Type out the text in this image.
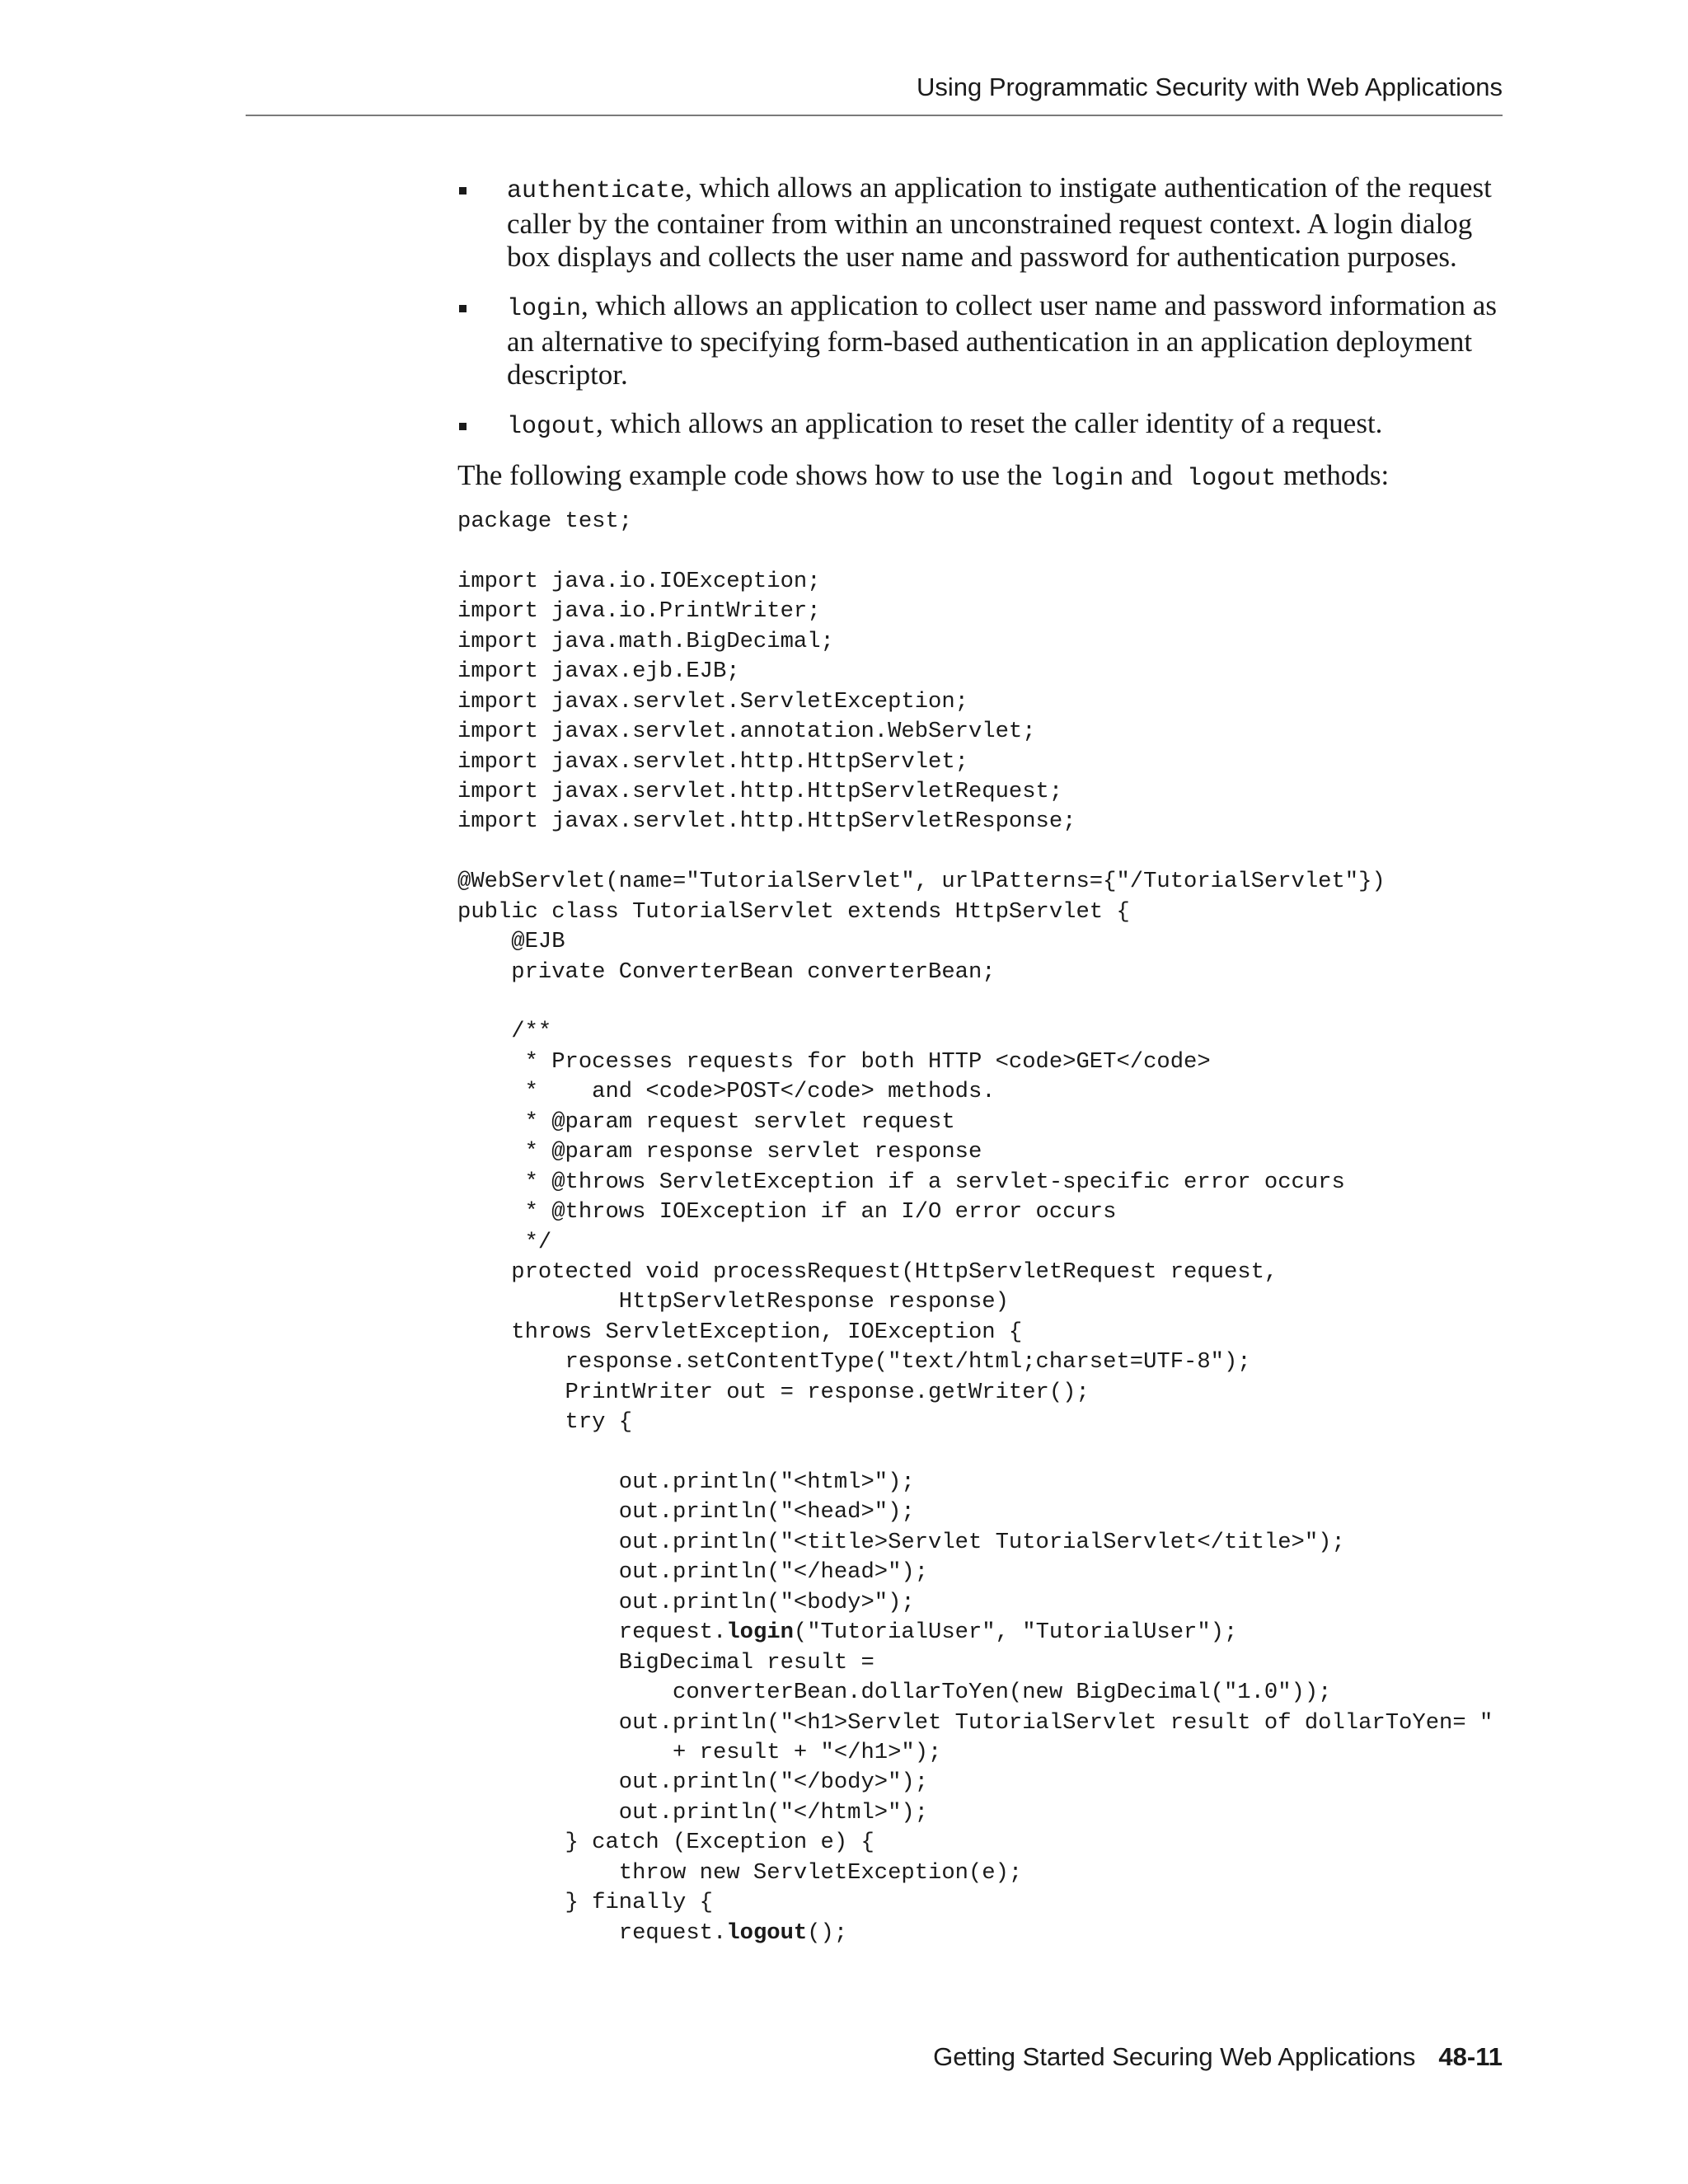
Using Programmatic Security with Web Applications
authenticate, which allows an application to instigate authentication of the request caller by the container from within an unconstrained request context. A login dialog box displays and collects the user name and password for authentication purposes.
login, which allows an application to collect user name and password information as an alternative to specifying form-based authentication in an application deployment descriptor.
logout, which allows an application to reset the caller identity of a request.

The following example code shows how to use the login and  logout methods:

package test;
import java.io.IOException;
import java.io.PrintWriter;
import java.math.BigDecimal;
import javax.ejb.EJB;
import javax.servlet.ServletException;
import javax.servlet.annotation.WebServlet;
import javax.servlet.http.HttpServlet;
import javax.servlet.http.HttpServletRequest;
import javax.servlet.http.HttpServletResponse;
@WebServlet(name="TutorialServlet", urlPatterns={"/TutorialServlet"})
public class TutorialServlet extends HttpServlet {
@EJB
private ConverterBean converterBean;
/**
* Processes requests for both HTTP <code>GET</code>
*    and <code>POST</code> methods.
* @param request servlet request
* @param response servlet response
* @throws ServletException if a servlet-specific error occurs
* @throws IOException if an I/O error occurs
*/
protected void processRequest(HttpServletRequest request,
HttpServletResponse response)
throws ServletException, IOException {
response.setContentType("text/html;charset=UTF-8");
PrintWriter out = response.getWriter();
try {
out.println("<html>");
out.println("<head>");
out.println("<title>Servlet TutorialServlet</title>");
out.println("</head>");
out.println("<body>");
request.login("TutorialUser", "TutorialUser");
BigDecimal result =
converterBean.dollarToYen(new BigDecimal("1.0"));
out.println("<h1>Servlet TutorialServlet result of dollarToYen= "
+ result + "</h1>");
out.println("</body>");
out.println("</html>");
} catch (Exception e) {
throw new ServletException(e);
} finally {
request.logout();
Getting Started Securing Web Applications 48-11
